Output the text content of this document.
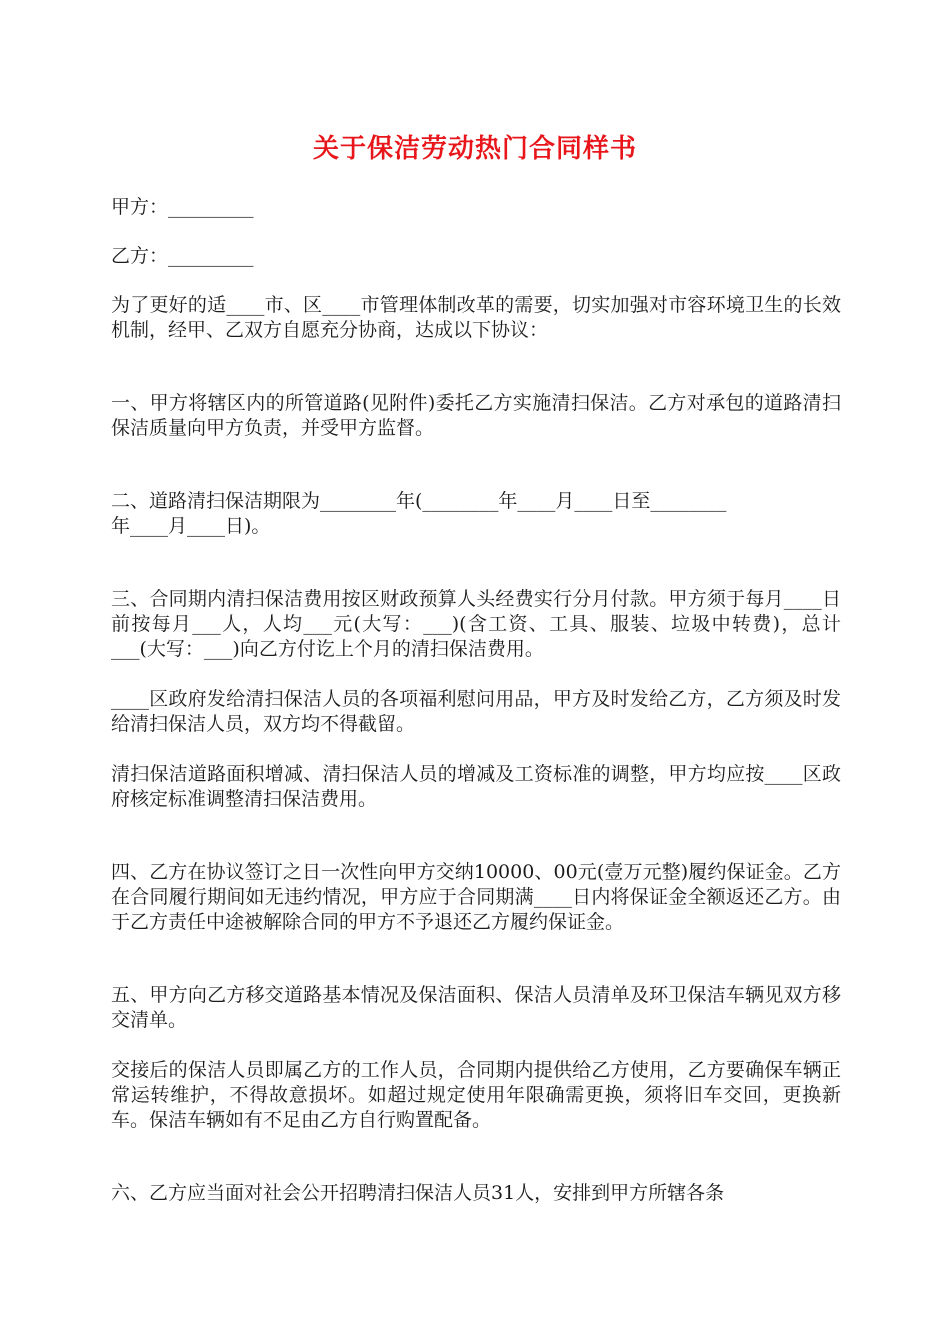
关于保洁劳动热门合同样书

甲方：_________

乙方：_________

为了更好的适____市、区____市管理体制改革的需要，切实加强对市容环境卫生的长效机制，经甲、乙双方自愿充分协商，达成以下协议：

一、甲方将辖区内的所管道路(见附件)委托乙方实施清扫保洁。乙方对承包的道路清扫保洁质量向甲方负责，并受甲方监督。

二、道路清扫保洁期限为________年(________年____月____日至________

年____月____日)。

三、合同期内清扫保洁费用按区财政预算人头经费实行分月付款。甲方须于每月____日前按每月___人，人均___元(大写：___)(含工资、工具、服装、垃圾中转费)，总计___(大写：___)向乙方付讫上个月的清扫保洁费用。

____区政府发给清扫保洁人员的各项福利慰问用品，甲方及时发给乙方，乙方须及时发给清扫保洁人员，双方均不得截留。

清扫保洁道路面积增减、清扫保洁人员的增减及工资标准的调整，甲方均应按____区政府核定标准调整清扫保洁费用。

四、乙方在协议签订之日一次性向甲方交纳10000、00元(壹万元整)履约保证金。乙方在合同履行期间如无违约情况，甲方应于合同期满____日内将保证金全额返还乙方。由于乙方责任中途被解除合同的甲方不予退还乙方履约保证金。

五、甲方向乙方移交道路基本情况及保洁面积、保洁人员清单及环卫保洁车辆见双方移交清单。

交接后的保洁人员即属乙方的工作人员，合同期内提供给乙方使用，乙方要确保车辆正常运转维护，不得故意损坏。如超过规定使用年限确需更换，须将旧车交回，更换新车。保洁车辆如有不足由乙方自行购置配备。

六、乙方应当面对社会公开招聘清扫保洁人员31人，安排到甲方所辖各条
